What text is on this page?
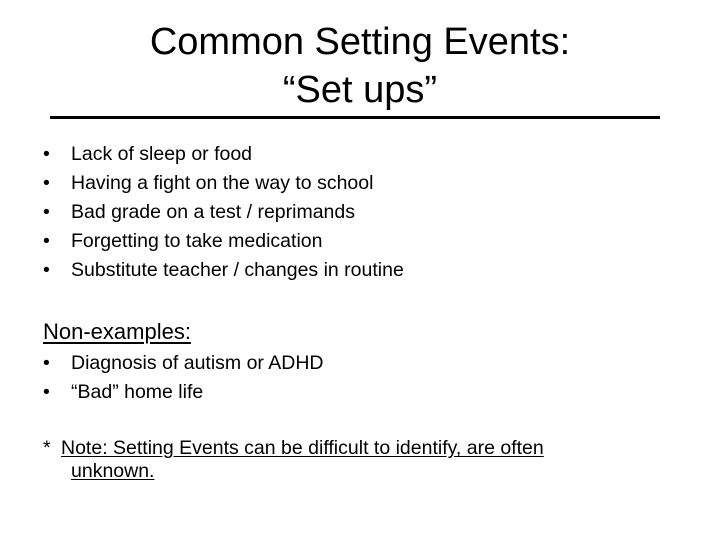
Common Setting Events:
“Set ups”
• Lack of sleep or food
• Having a fight on the way to school
• Bad grade on a test / reprimands
• Forgetting to take medication
• Substitute teacher / changes in routine
Non-examples:
• Diagnosis of autism or ADHD
• “Bad” home life

* Note: Setting Events can be difficult to identify, are often
unknown.
